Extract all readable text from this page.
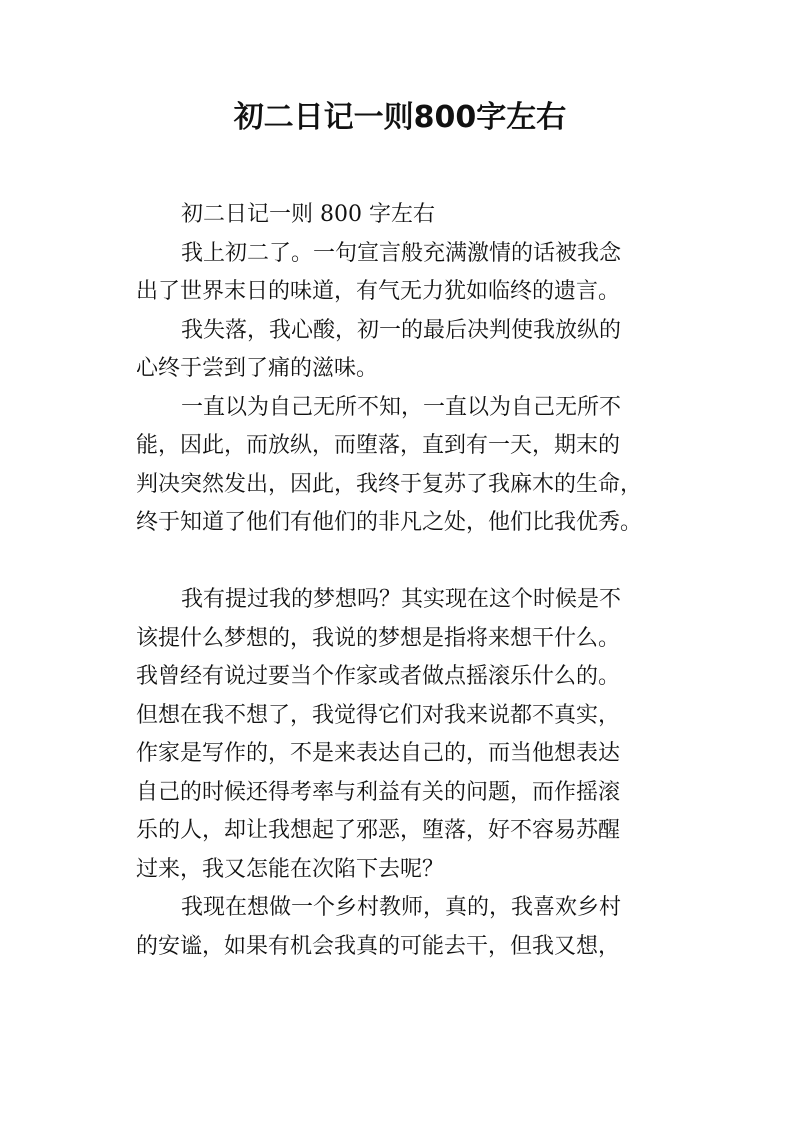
初二日记一则800字左右
初二日记一则 800 字左右
我上初二了。一句宣言般充满激情的话被我念
出了世界末日的味道，有气无力犹如临终的遗言。
我失落，我心酸，初一的最后决判使我放纵的
心终于尝到了痛的滋味。
一直以为自己无所不知，一直以为自己无所不
能，因此，而放纵，而堕落，直到有一天，期末的
判决突然发出，因此，我终于复苏了我麻木的生命，
终于知道了他们有他们的非凡之处，他们比我优秀。
我有提过我的梦想吗？其实现在这个时候是不
该提什么梦想的，我说的梦想是指将来想干什么。
我曾经有说过要当个作家或者做点摇滚乐什么的。
但想在我不想了，我觉得它们对我来说都不真实，
作家是写作的，不是来表达自己的，而当他想表达
自己的时候还得考率与利益有关的问题，而作摇滚
乐的人，却让我想起了邪恶，堕落，好不容易苏醒
过来，我又怎能在次陷下去呢？
我现在想做一个乡村教师，真的，我喜欢乡村
的安谧，如果有机会我真的可能去干，但我又想，
